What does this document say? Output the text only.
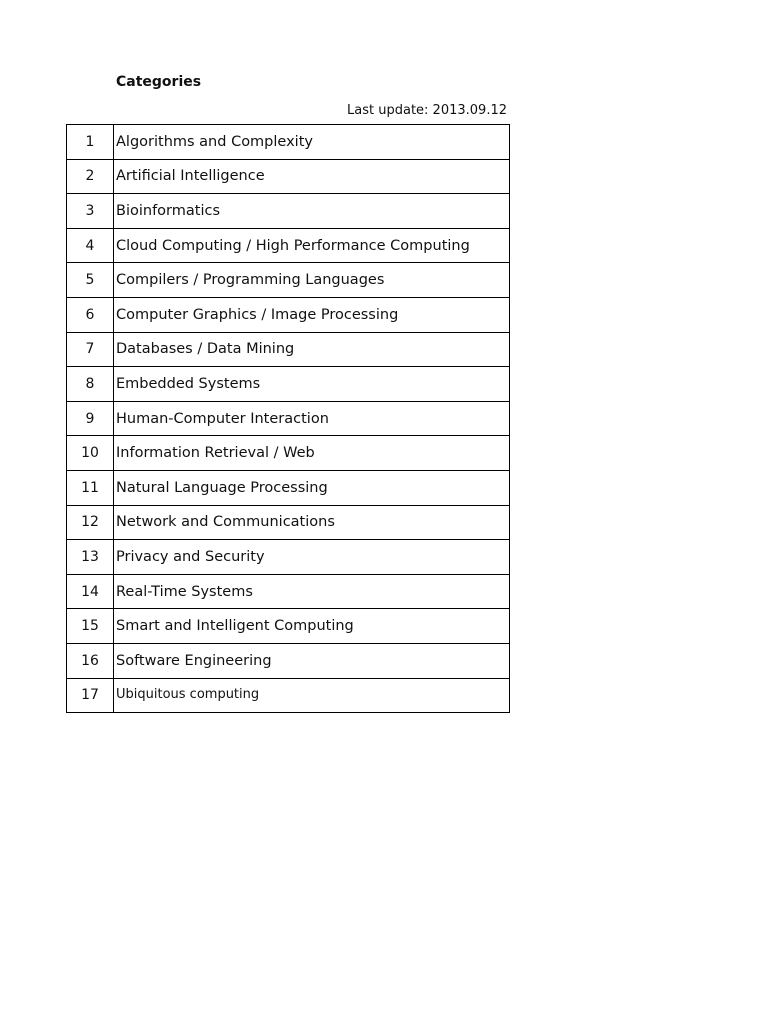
Categories
Last update: 2013.09.12
1	Algorithms and Complexity
2	Artificial Intelligence
3	Bioinformatics
4	Cloud Computing / High Performance Computing
5	Compilers / Programming Languages
6	Computer Graphics / Image Processing
7	Databases / Data Mining
8	Embedded Systems
9	Human-Computer Interaction
10	Information Retrieval / Web
11	Natural Language Processing
12	Network and Communications
13	Privacy and Security
14	Real-Time Systems
15	Smart and Intelligent Computing
16	Software Engineering
17	Ubiquitous computing
